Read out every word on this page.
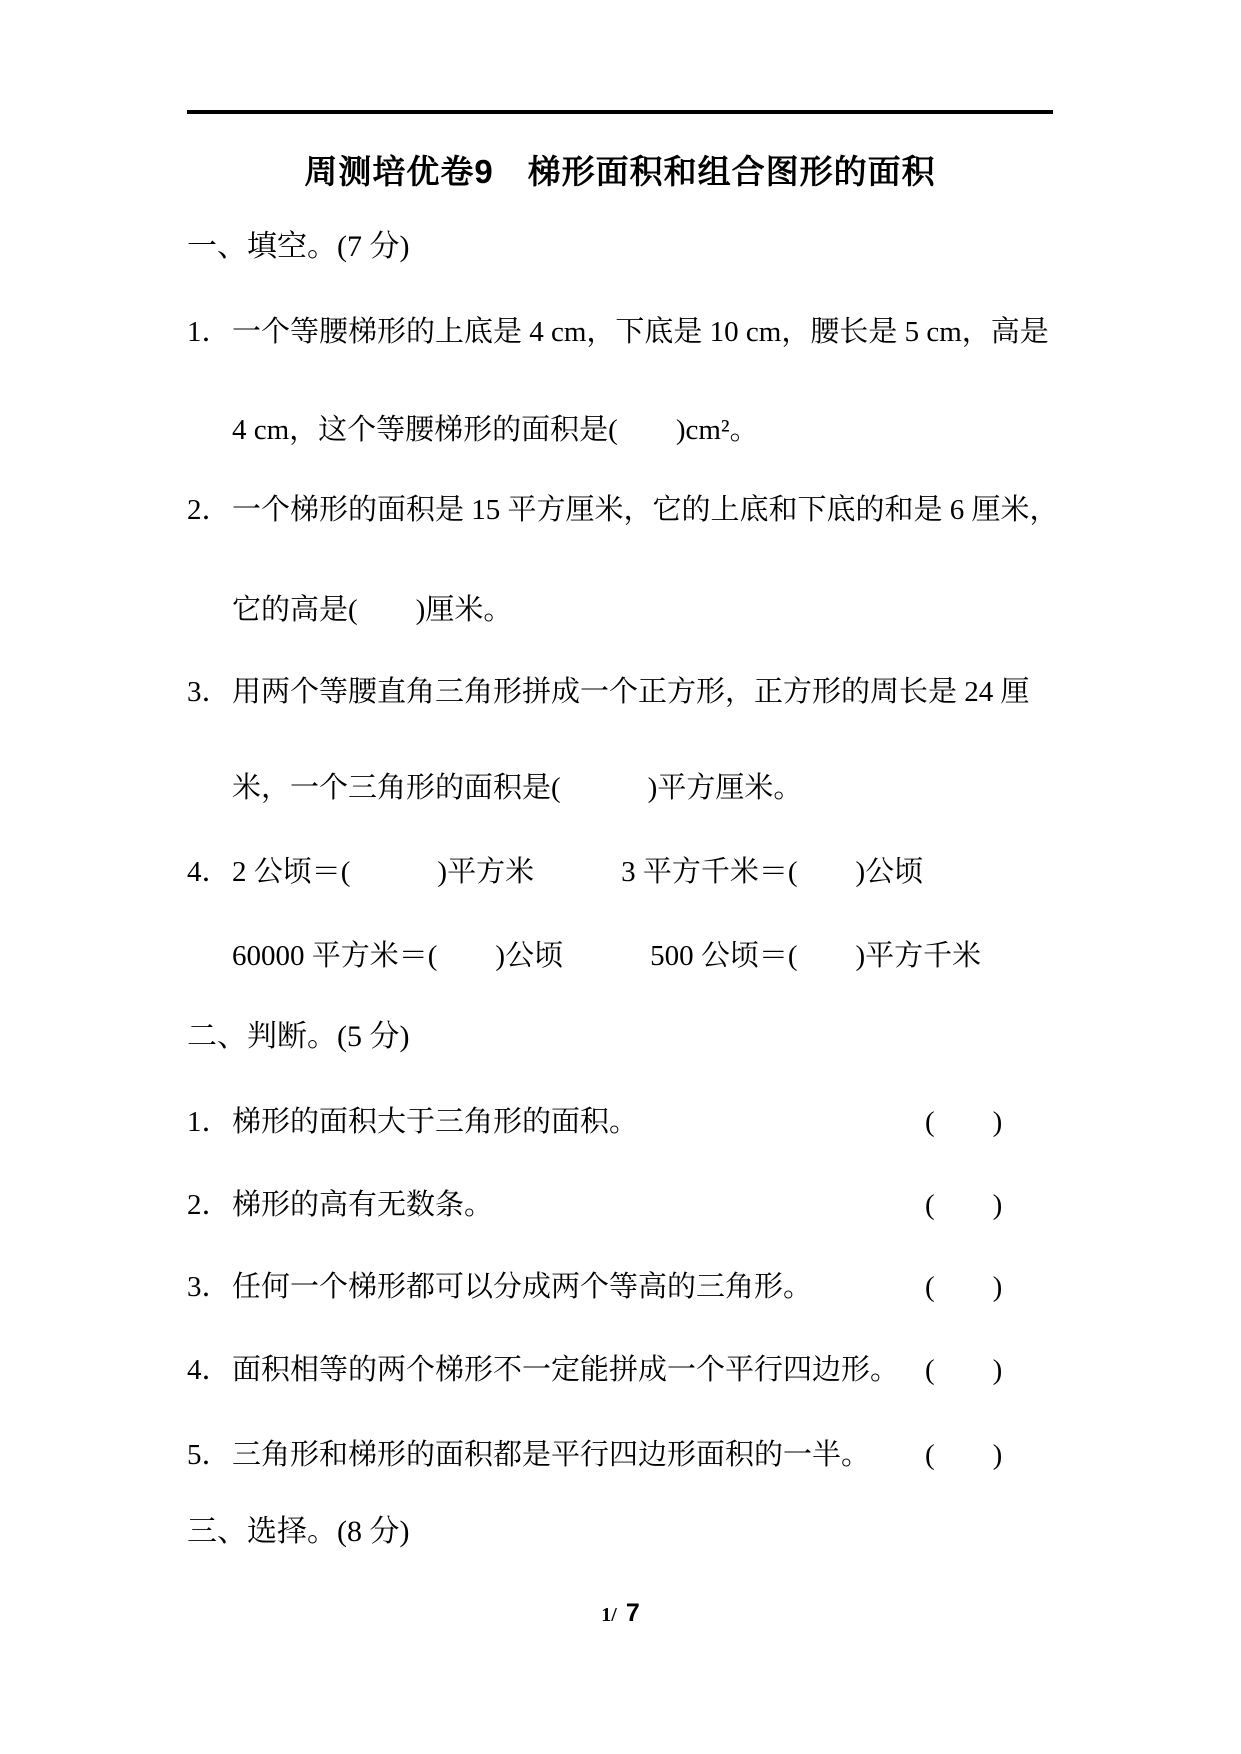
周测培优卷9　梯形面积和组合图形的面积
一、填空。(7 分)
1．一个等腰梯形的上底是 4 cm，下底是 10 cm，腰长是 5 cm，高是
4 cm，这个等腰梯形的面积是(　　)cm²。
2．一个梯形的面积是 15 平方厘米，它的上底和下底的和是 6 厘米，
它的高是(　　)厘米。
3．用两个等腰直角三角形拼成一个正方形，正方形的周长是 24 厘
米，一个三角形的面积是(　　　)平方厘米。
4．2 公顷＝(　　　)平方米　　　3 平方千米＝(　　)公顷
60000 平方米＝(　　)公顷　　　500 公顷＝(　　)平方千米
二、判断。(5 分)
1．梯形的面积大于三角形的面积。	(　　)
2．梯形的高有无数条。	(　　)
3．任何一个梯形都可以分成两个等高的三角形。	(　　)
4．面积相等的两个梯形不一定能拼成一个平行四边形。 (　　)
5．三角形和梯形的面积都是平行四边形面积的一半。 (　　)
三、选择。(8 分)
1/ 7
